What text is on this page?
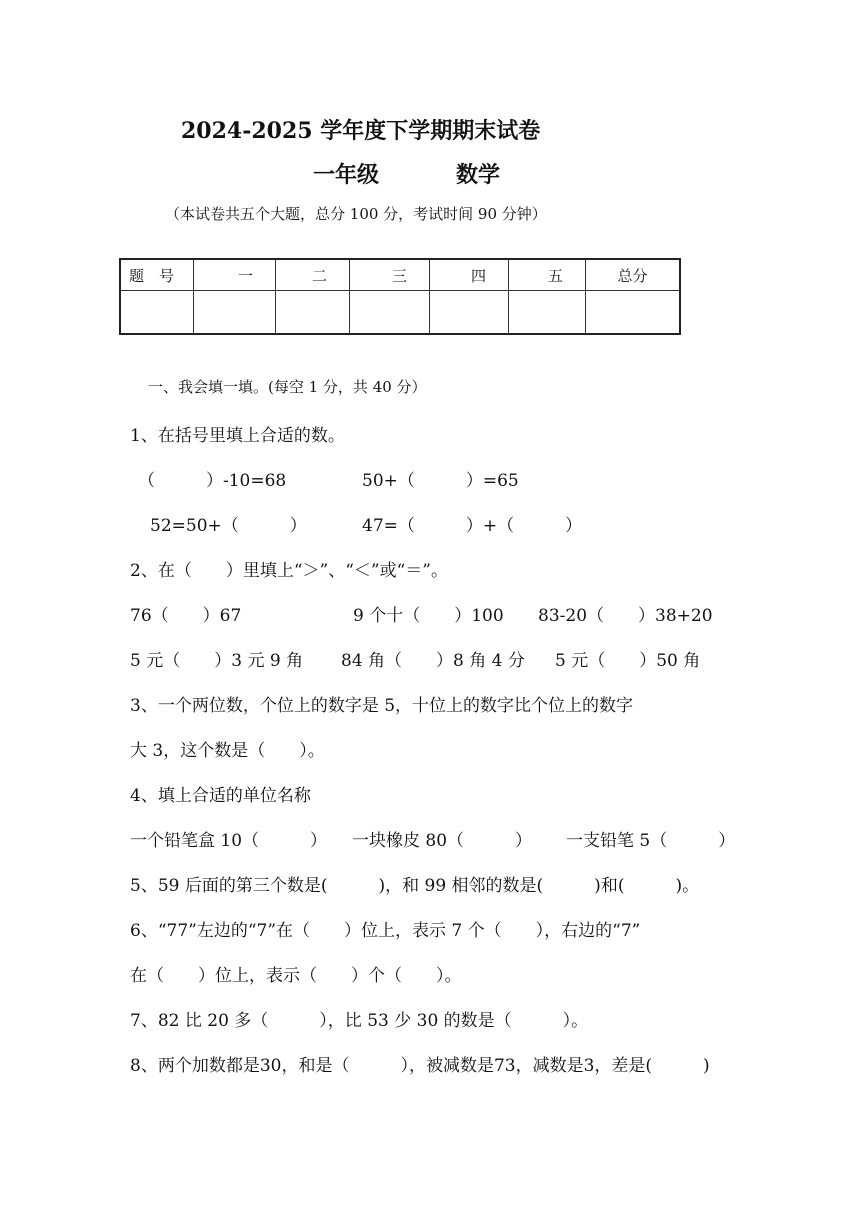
2024-2025 学年度下学期期末试卷
一年级	数学
（本试卷共五个大题，总分 100 分，考试时间 90 分钟）
题　号	一	二	三	四	五	总分

一、我会填一填。(每空 1 分，共 40 分）
1、在括号里填上合适的数。
（　　　）-10=68	50+（　　　）=65
52=50+（　　　）	47=（　　　）+（　　　）
2、在（　　）里填上“＞”、“＜”或“＝”。
76（　　）67	9 个十（　　）100 83-20（　　）38+20
5 元（　　）3 元 9 角 84 角（　　）8 角 4 分 5 元（　　）50 角
3、一个两位数，个位上的数字是 5，十位上的数字比个位上的数字
大 3，这个数是（　　）。
4、填上合适的单位名称
一个铅笔盒 10（　　　） 一块橡皮 80（　　　） 一支铅笔 5（　　　）
5、59 后面的第三个数是(　　　)，和 99 相邻的数是(　　　)和(　　　)。
6、“77”左边的“7”在（　　）位上，表示 7 个（　　），右边的“7”
在（　　）位上，表示（　　）个（　　）。
7、82 比 20 多（　　　），比 53 少 30 的数是（　　　）。
8、两个加数都是30，和是（　　　），被减数是73，减数是3，差是(　　　)
